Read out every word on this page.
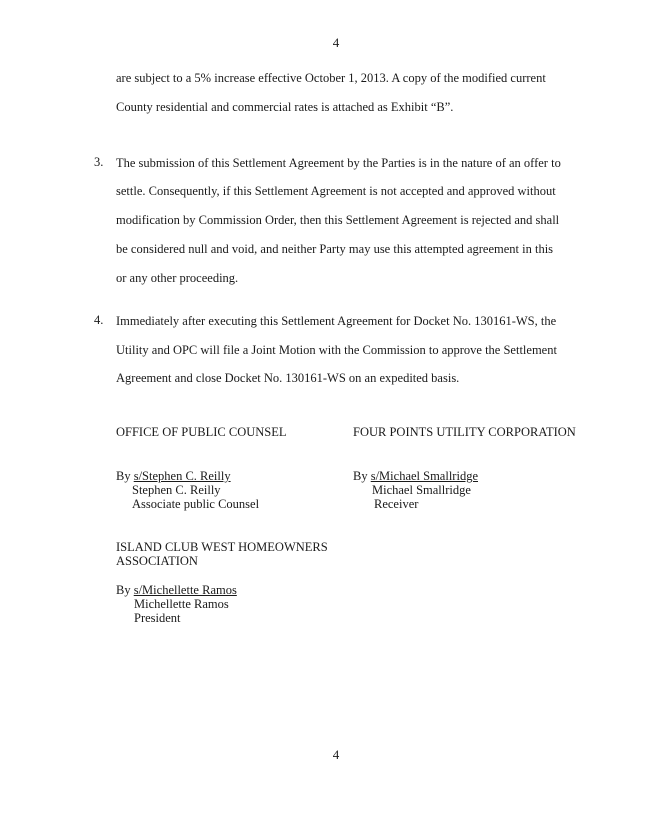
4
are subject to a 5% increase effective October 1, 2013. A copy of the modified current
County residential and commercial rates is attached as Exhibit “B”.
3. The submission of this Settlement Agreement by the Parties is in the nature of an offer to
settle. Consequently, if this Settlement Agreement is not accepted and approved without
modification by Commission Order, then this Settlement Agreement is rejected and shall
be considered null and void, and neither Party may use this attempted agreement in this
or any other proceeding.
4. Immediately after executing this Settlement Agreement for Docket No. 130161-WS, the
Utility and OPC will file a Joint Motion with the Commission to approve the Settlement
Agreement and close Docket No. 130161-WS on an expedited basis.
OFFICE OF PUBLIC COUNSEL
By s/Stephen C. Reilly
Stephen C. Reilly
Associate public Counsel
FOUR POINTS UTILITY CORPORATION
By s/Michael Smallridge
Michael Smallridge
Receiver
ISLAND CLUB WEST HOMEOWNERS
ASSOCIATION
By s/Michellette Ramos
Michellette Ramos
President
4
